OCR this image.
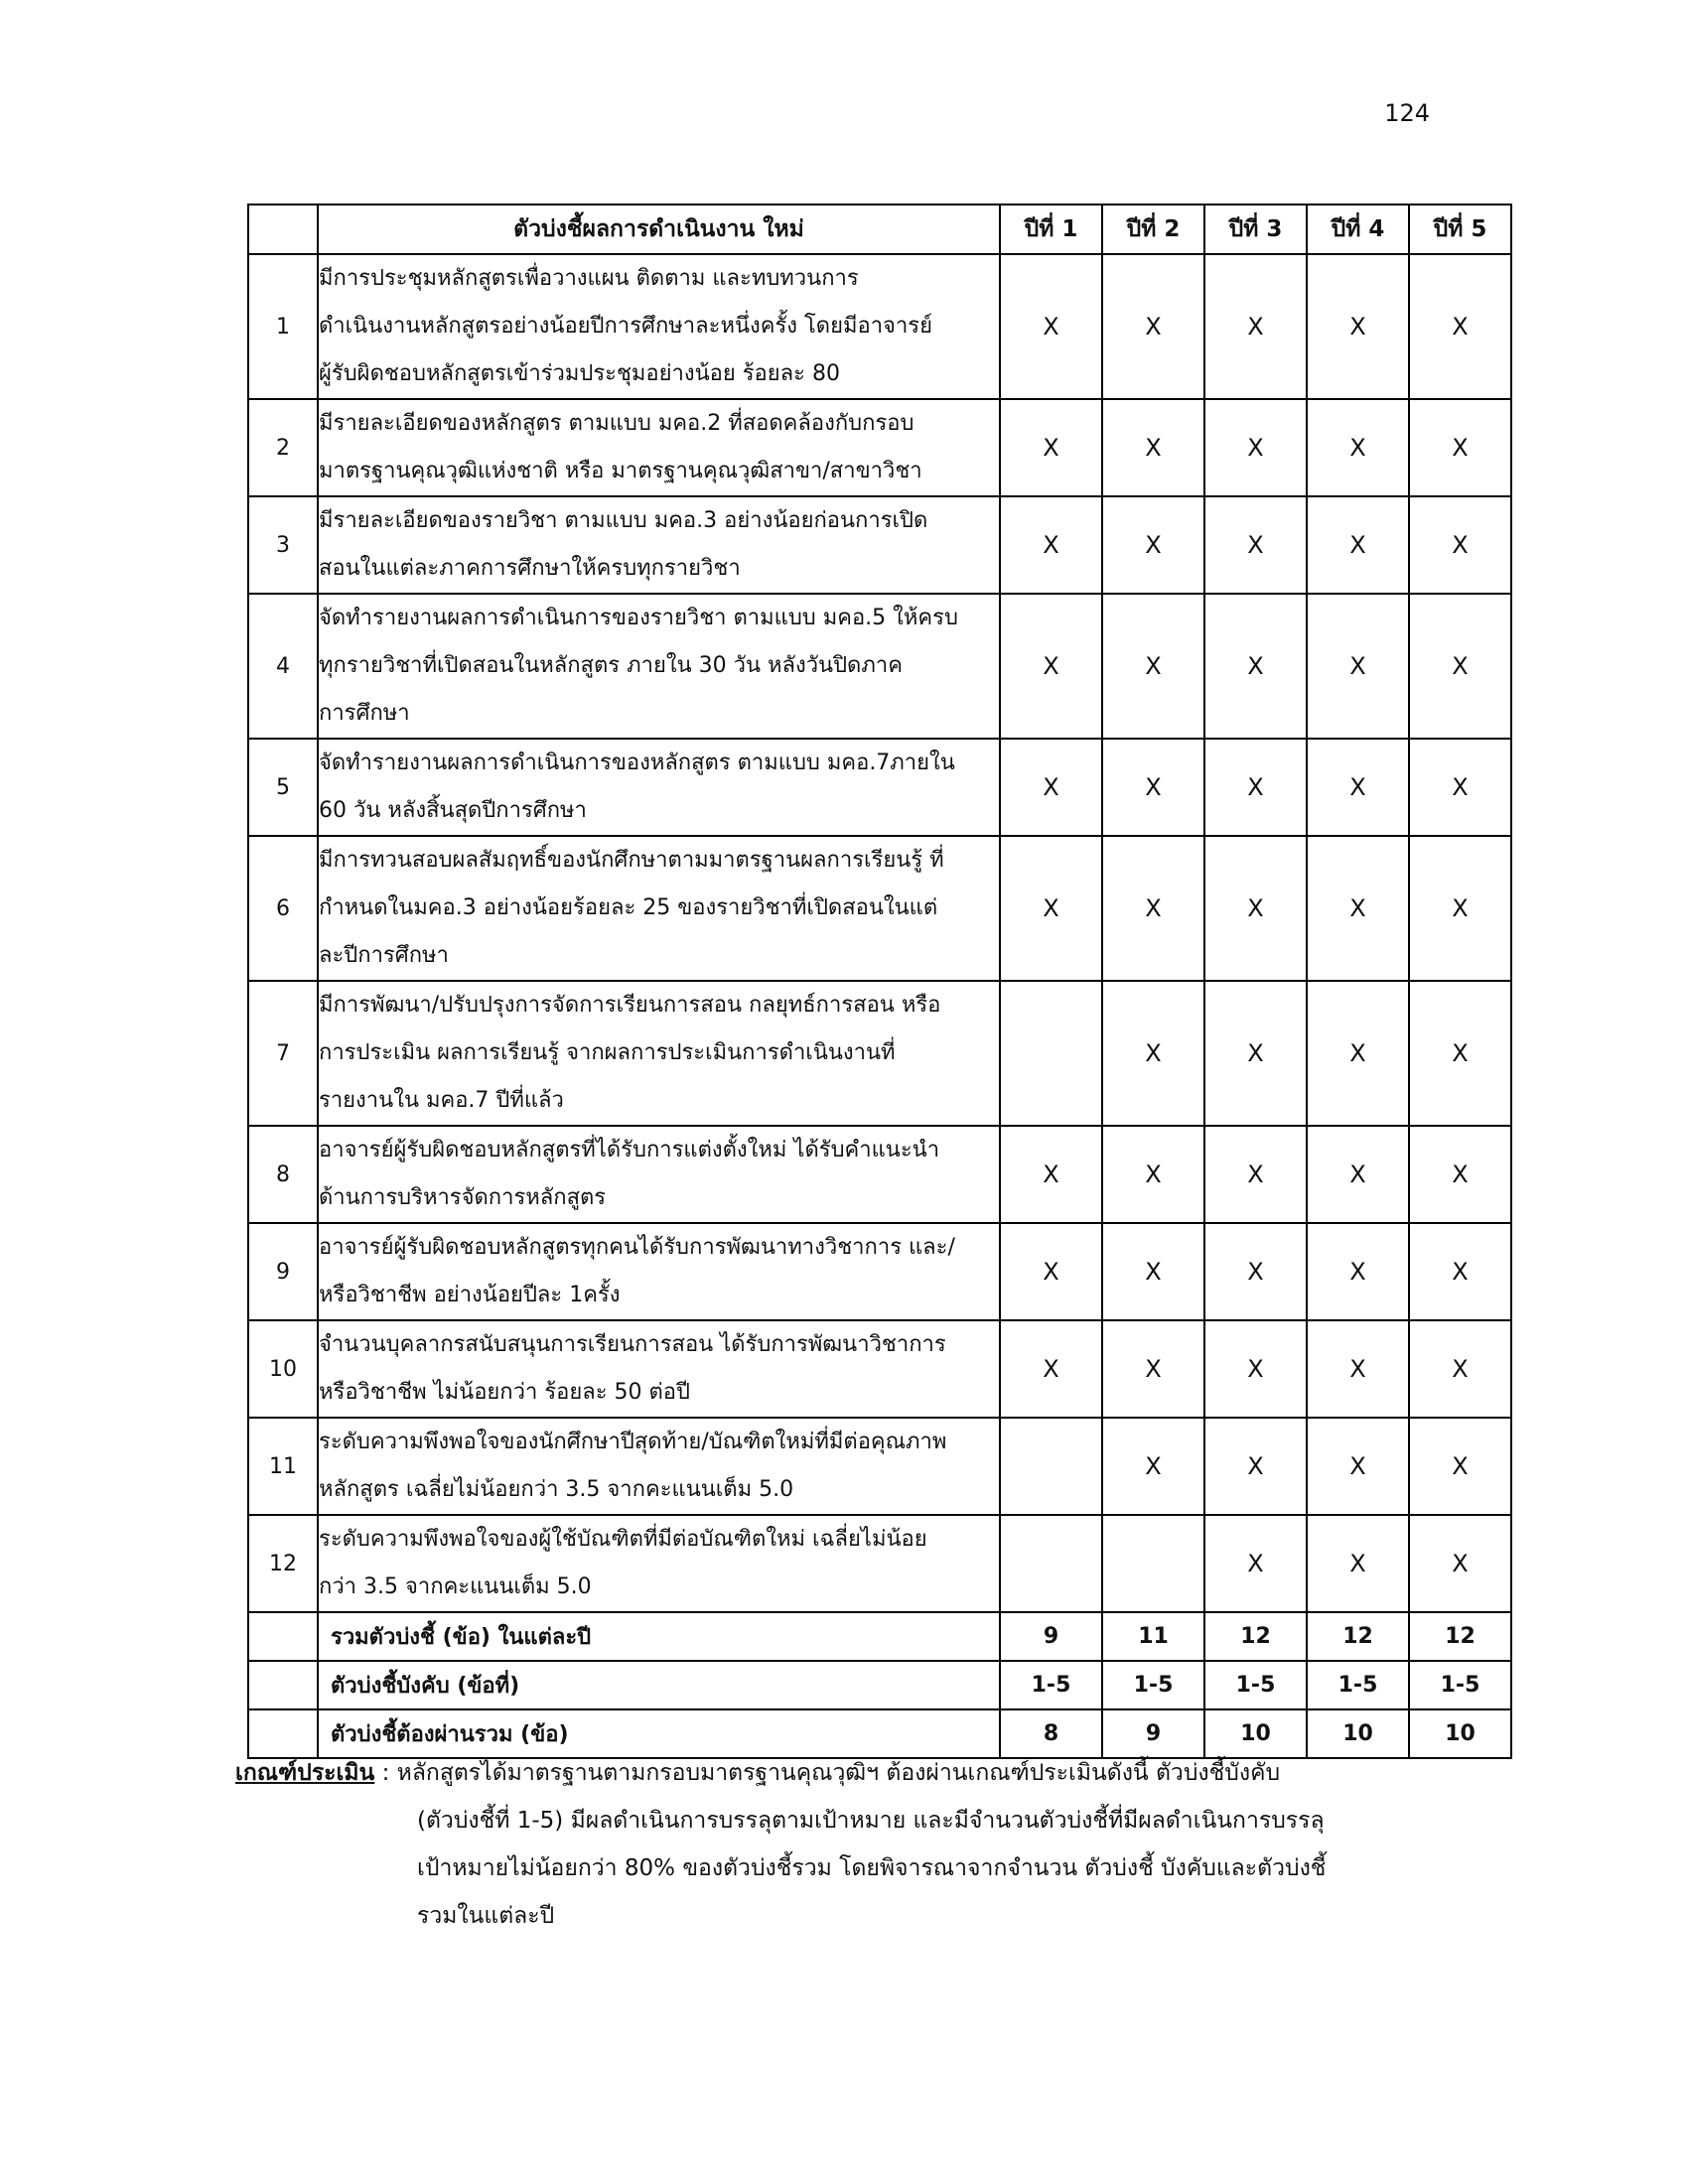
124
	ตัวบ่งชี้ผลการดำเนินงาน ใหม่	ปีที่ 1	ปีที่ 2	ปีที่ 3	ปีที่ 4	ปีที่ 5
1	มีการประชุมหลักสูตรเพื่อวางแผน ติดตาม และทบทวนการ
ดำเนินงานหลักสูตรอย่างน้อยปีการศึกษาละหนึ่งครั้ง โดยมีอาจารย์
ผู้รับผิดชอบหลักสูตรเข้าร่วมประชุมอย่างน้อย ร้อยละ 80	X	X	X	X	X
2	มีรายละเอียดของหลักสูตร ตามแบบ มคอ.2 ที่สอดคล้องกับกรอบ
มาตรฐานคุณวุฒิแห่งชาติ หรือ มาตรฐานคุณวุฒิสาขา/สาขาวิชา	X	X	X	X	X
3	มีรายละเอียดของรายวิชา ตามแบบ มคอ.3 อย่างน้อยก่อนการเปิด
สอนในแต่ละภาคการศึกษาให้ครบทุกรายวิชา	X	X	X	X	X
4	จัดทำรายงานผลการดำเนินการของรายวิชา ตามแบบ มคอ.5 ให้ครบ
ทุกรายวิชาที่เปิดสอนในหลักสูตร ภายใน 30 วัน หลังวันปิดภาค
การศึกษา	X	X	X	X	X
5	จัดทำรายงานผลการดำเนินการของหลักสูตร ตามแบบ มคอ.7ภายใน
60 วัน หลังสิ้นสุดปีการศึกษา	X	X	X	X	X
6	มีการทวนสอบผลสัมฤทธิ์ของนักศึกษาตามมาตรฐานผลการเรียนรู้ ที่
กำหนดในมคอ.3 อย่างน้อยร้อยละ 25 ของรายวิชาที่เปิดสอนในแต่
ละปีการศึกษา	X	X	X	X	X
7	มีการพัฒนา/ปรับปรุงการจัดการเรียนการสอน กลยุทธ์การสอน หรือ
การประเมิน ผลการเรียนรู้ จากผลการประเมินการดำเนินงานที่
รายงานใน มคอ.7 ปีที่แล้ว		X	X	X	X
8	อาจารย์ผู้รับผิดชอบหลักสูตรที่ได้รับการแต่งตั้งใหม่ ได้รับคำแนะนำ
ด้านการบริหารจัดการหลักสูตร	X	X	X	X	X
9	อาจารย์ผู้รับผิดชอบหลักสูตรทุกคนได้รับการพัฒนาทางวิชาการ และ/
หรือวิชาชีพ อย่างน้อยปีละ 1ครั้ง	X	X	X	X	X
10	จำนวนบุคลากรสนับสนุนการเรียนการสอน ได้รับการพัฒนาวิชาการ
หรือวิชาชีพ ไม่น้อยกว่า ร้อยละ 50 ต่อปี	X	X	X	X	X
11	ระดับความพึงพอใจของนักศึกษาปีสุดท้าย/บัณฑิตใหม่ที่มีต่อคุณภาพ
หลักสูตร เฉลี่ยไม่น้อยกว่า 3.5 จากคะแนนเต็ม 5.0		X	X	X	X
12	ระดับความพึงพอใจของผู้ใช้บัณฑิตที่มีต่อบัณฑิตใหม่ เฉลี่ยไม่น้อย
กว่า 3.5 จากคะแนนเต็ม 5.0			X	X	X
	รวมตัวบ่งชี้ (ข้อ) ในแต่ละปี	9	11	12	12	12
	ตัวบ่งชี้บังคับ (ข้อที่)	1-5	1-5	1-5	1-5	1-5
	ตัวบ่งชี้ต้องผ่านรวม (ข้อ)	8	9	10	10	10
เกณฑ์ประเมิน : หลักสูตรได้มาตรฐานตามกรอบมาตรฐานคุณวุฒิฯ ต้องผ่านเกณฑ์ประเมินดังนี้ ตัวบ่งชี้บังคับ
(ตัวบ่งชี้ที่ 1-5) มีผลดำเนินการบรรลุตามเป้าหมาย และมีจำนวนตัวบ่งชี้ที่มีผลดำเนินการบรรลุ
เป้าหมายไม่น้อยกว่า 80% ของตัวบ่งชี้รวม โดยพิจารณาจากจำนวน ตัวบ่งชี้ บังคับและตัวบ่งชี้
รวมในแต่ละปี
